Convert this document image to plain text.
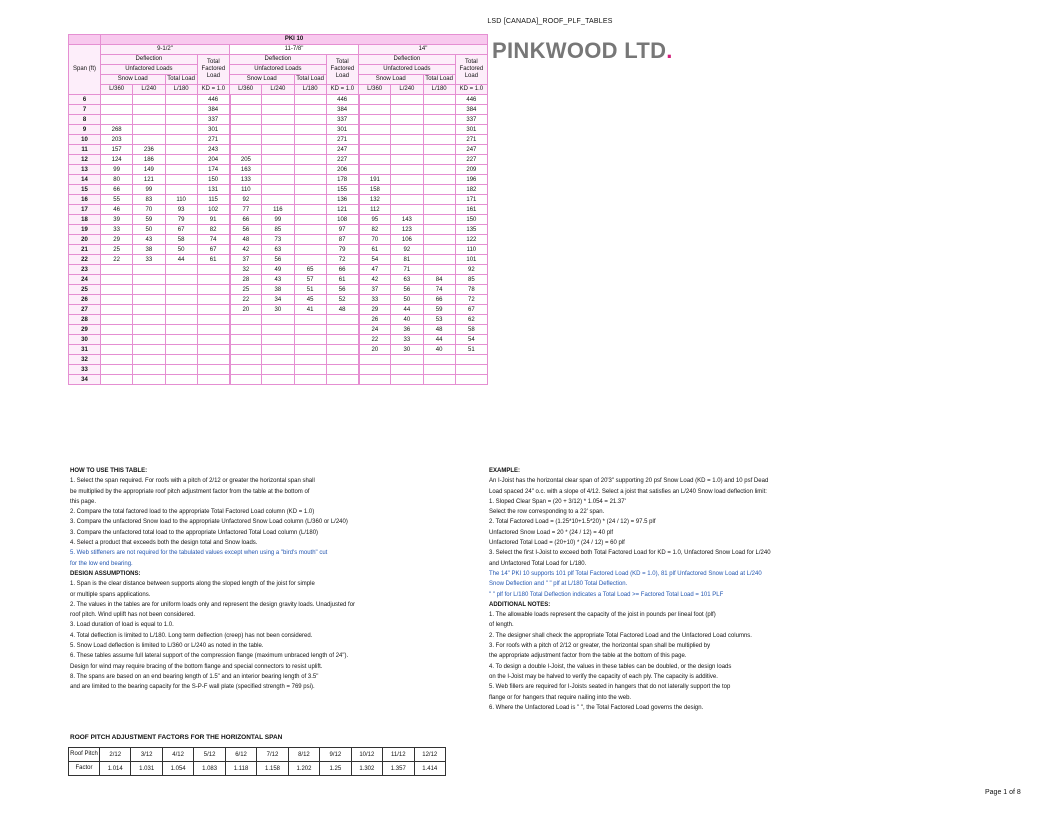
LSD [CANADA]_ROOF_PLF_TABLES
PINKWOOD LTD.
	PKI 10											
Span (ft)	9-1/2"				11-7/8"				14"			
	Deflection			Total Factored Load	Deflection			Total Factored Load	Deflection			Total Factored Load
	Unfactored Loads				Unfactored Loads				Unfactored Loads			
	Snow Load		Total Load		Snow Load		Total Load		Snow Load		Total Load	
	L/360	L/240	L/180	KD = 1.0	L/360	L/240	L/180	KD = 1.0	L/360	L/240	L/180	KD = 1.0
6				446				446				446
7				384				384				384
8				337				337				337
9	268			301				301				301
10	203			271				271				271
11	157	236		243				247				247
12	124	186		204	205			227				227
13	99	149		174	163			206				209
14	80	121		150	133			178	191			196
15	66	99		131	110			155	158			182
16	55	83	110	115	92			136	132			171
17	46	70	93	102	77	116		121	112			161
18	39	59	79	91	66	99		108	95	143		150
19	33	50	67	82	56	85		97	82	123		135
20	29	43	58	74	48	73		87	70	106		122
21	25	38	50	67	42	63		79	61	92		110
22	22	33	44	61	37	56		72	54	81		101
23					32	49	65	66	47	71		92
24					28	43	57	61	42	63	84	85
25					25	38	51	56	37	56	74	78
26					22	34	45	52	33	50	66	72
27					20	30	41	48	29	44	59	67
28									26	40	53	62
29									24	36	48	58
30									22	33	44	54
31									20	30	40	51
32												
33												
34												
HOW TO USE THIS TABLE:
1. Select the span required. For roofs with a pitch of 2/12 or greater the horizontal span shall
be multiplied by the appropriate roof pitch adjustment factor from the table at the bottom of
this page.
2. Compare the total factored load to the appropriate Total Factored Load column (KD = 1.0)
3. Compare the unfactored Snow load to the appropriate Unfactored Snow Load column (L/360 or L/240)
3. Compare the unfactored total load to the appropriate Unfactored Total Load column (L/180)
4. Select a product that exceeds both the design total and Snow loads.
5. Web stiffeners are not required for the tabulated values except when using a "bird's mouth" cut
for the low end bearing.
DESIGN ASSUMPTIONS:
1. Span is the clear distance between supports along the sloped length of the joist for simple
or multiple spans applications.
2. The values in the tables are for uniform loads only and represent the design gravity loads. Unadjusted for
roof pitch. Wind uplift has not been considered.
3. Load duration of load is equal to 1.0.
4. Total deflection is limited to L/180. Long term deflection (creep) has not been considered.
5. Snow Load deflection is limited to L/360 or L/240 as noted in the table.
6. These tables assume full lateral support of the compression flange (maximum unbraced length of 24").
Design for wind may require bracing of the bottom flange and special connectors to resist uplift.
8. The spans are based on an end bearing length of 1.5" and an interior bearing length of 3.5"
and are limited to the bearing capacity for the S-P-F wall plate (specified strength = 769 psi).
EXAMPLE:
An I-Joist has the horizontal clear span of 20'3" supporting 20 psf Snow Load (KD = 1.0) and 10 psf Dead
Load spaced 24" o.c. with a slope of 4/12. Select a joist that satisfies an L/240 Snow load deflection limit:
1. Sloped Clear Span = (20 + 3/12) * 1.054 = 21.37'
Select the row corresponding to a 22' span.
2. Total Factored Load = (1.25*10+1.5*20) * (24 / 12) = 97.5 plf
Unfactored Snow Load = 20 * (24 / 12) = 40 plf
Unfactored Total Load = (20+10) * (24 / 12) = 60 plf
3. Select the first I-Joist to exceed both Total Factored Load for KD = 1.0, Unfactored Snow Load for L/240
and Unfactored Total Load for L/180.
The 14" PKI 10 supports 101 plf Total Factored Load (KD = 1.0), 81 plf Unfactored Snow Load at L/240
Snow Deflection and " " plf at L/180 Total Deflection.
" " plf for L/180 Total Deflection indicates a Total Load >= Factored Total Load = 101 PLF
ADDITIONAL NOTES:
1. The allowable loads represent the capacity of the joist in pounds per lineal foot (plf)
of length.
2. The designer shall check the appropriate Total Factored Load and the Unfactored Load columns.
3. For roofs with a pitch of 2/12 or greater, the horizontal span shall be multiplied by
the appropriate adjustment factor from the table at the bottom of this page.
4. To design a double I-Joist, the values in these tables can be doubled, or the design loads
on the I-Joist may be halved to verify the capacity of each ply. The capacity is additive.
5. Web fillers are required for I-Joists seated in hangers that do not laterally support the top
flange or for hangers that require nailing into the web.
6. Where the Unfactored Load is " ", the Total Factored Load governs the design.
ROOF PITCH ADJUSTMENT FACTORS FOR THE HORIZONTAL SPAN
Roof Pitch	2/12	3/12	4/12	5/12	6/12	7/12	8/12	9/12	10/12	11/12	12/12
Factor	1.014	1.031	1.054	1.083	1.118	1.158	1.202	1.25	1.302	1.357	1.414
Page 1 of 8
